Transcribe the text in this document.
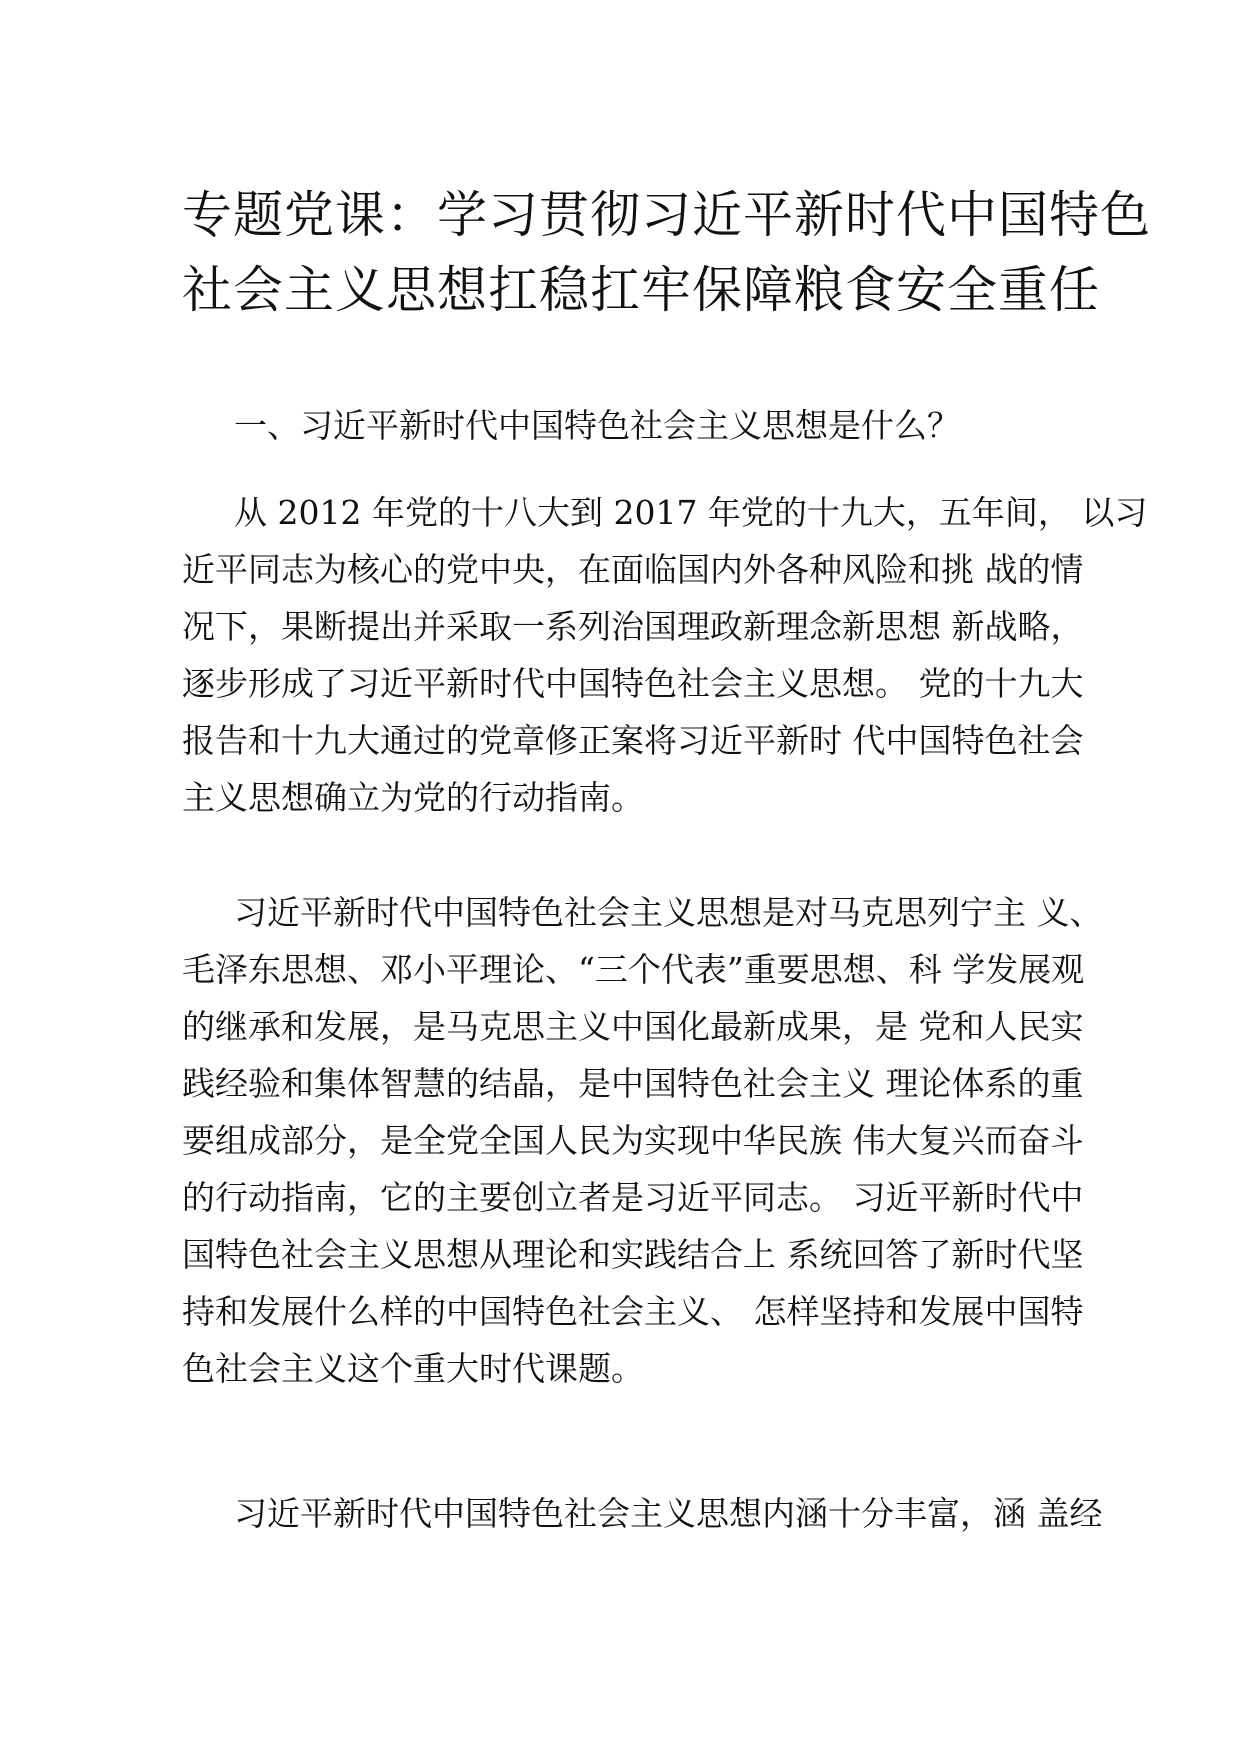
专题党课：学习贯彻习近平新时代中国特色
社会主义思想扛稳扛牢保障粮食安全重任
一、习近平新时代中国特色社会主义思想是什么？
从 2012 年党的十八大到 2017 年党的十九大，五年间， 以习
近平同志为核心的党中央，在面临国内外各种风险和挑 战的情
况下，果断提出并采取一系列治国理政新理念新思想 新战略，
逐步形成了习近平新时代中国特色社会主义思想。 党的十九大
报告和十九大通过的党章修正案将习近平新时 代中国特色社会
主义思想确立为党的行动指南。
习近平新时代中国特色社会主义思想是对马克思列宁主 义、
毛泽东思想、邓小平理论、“三个代表”重要思想、科 学发展观
的继承和发展，是马克思主义中国化最新成果，是 党和人民实
践经验和集体智慧的结晶，是中国特色社会主义 理论体系的重
要组成部分，是全党全国人民为实现中华民族 伟大复兴而奋斗
的行动指南，它的主要创立者是习近平同志。 习近平新时代中
国特色社会主义思想从理论和实践结合上 系统回答了新时代坚
持和发展什么样的中国特色社会主义、 怎样坚持和发展中国特
色社会主义这个重大时代课题。
习近平新时代中国特色社会主义思想内涵十分丰富，涵 盖经
